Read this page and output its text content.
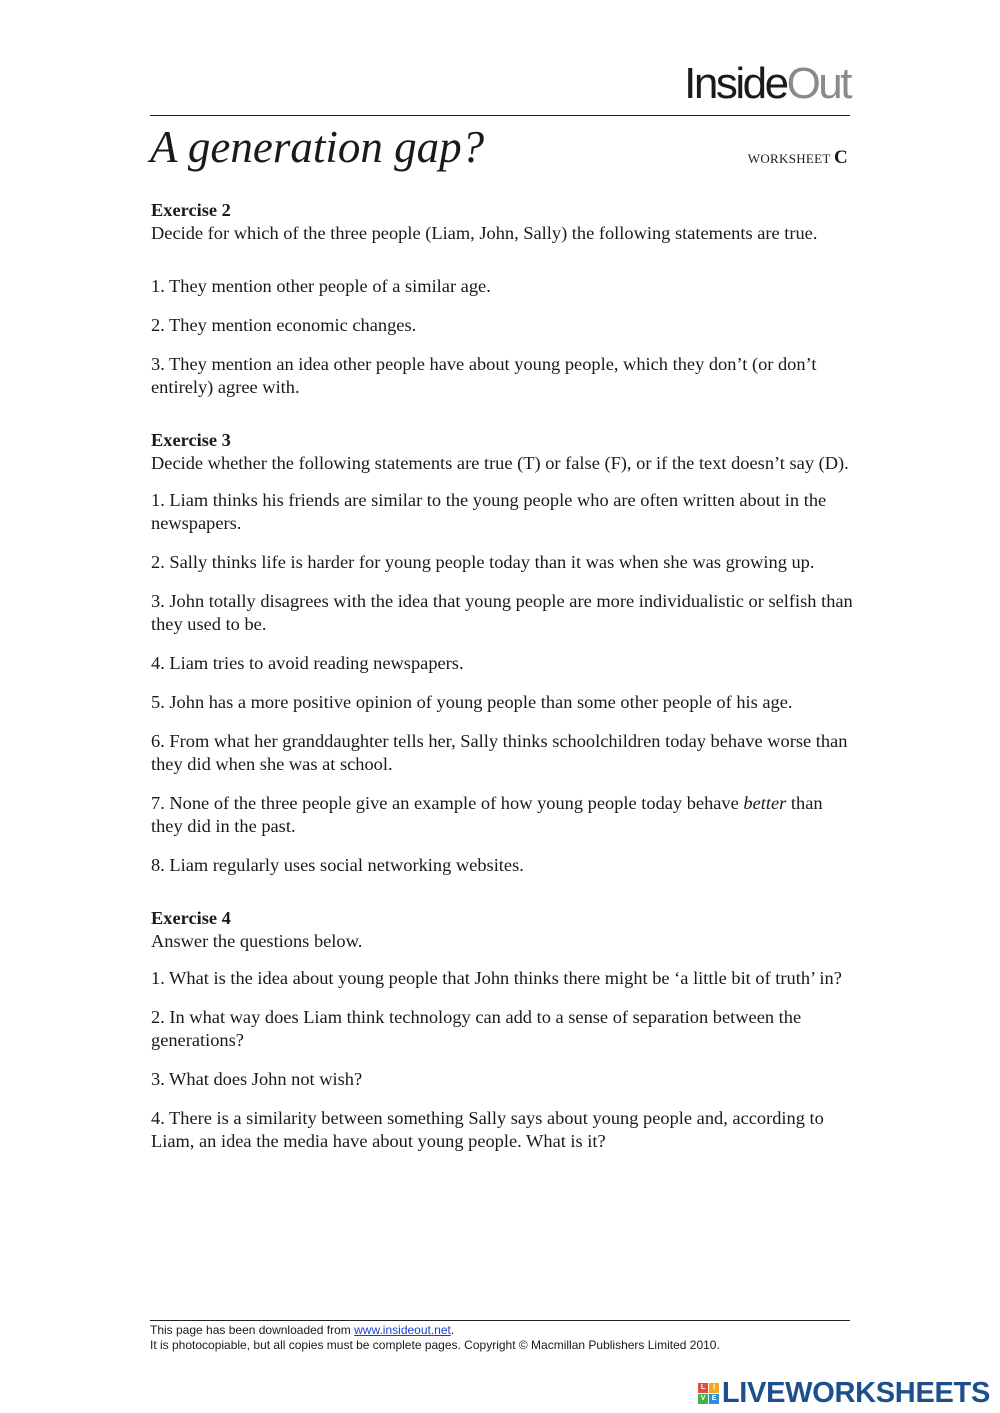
InsideOut
A generation gap?	WORKSHEET C
Exercise 2

Decide for which of the three people (Liam, John, Sally) the following statements are true.

1. They mention other people of a similar age.

2. They mention economic changes.

3. They mention an idea other people have about young people, which they don’t (or don’t entirely) agree with.

Exercise 3

Decide whether the following statements are true (T) or false (F), or if the text doesn’t say (D).

1. Liam thinks his friends are similar to the young people who are often written about in the newspapers.

2. Sally thinks life is harder for young people today than it was when she was growing up.

3. John totally disagrees with the idea that young people are more individualistic or selfish than they used to be.

4. Liam tries to avoid reading newspapers.

5. John has a more positive opinion of young people than some other people of his age.

6. From what her granddaughter tells her, Sally thinks schoolchildren today behave worse than they did when she was at school.

7. None of the three people give an example of how young people today behave better than they did in the past.

8. Liam regularly uses social networking websites.

Exercise 4

Answer the questions below.

1. What is the idea about young people that John thinks there might be ‘a little bit of truth’ in?

2. In what way does Liam think technology can add to a sense of separation between the generations?

3. What does John not wish?

4. There is a similarity between something Sally says about young people and, according to Liam, an idea the media have about young people. What is it?

This page has been downloaded from www.insideout.net.
It is photocopiable, but all copies must be complete pages. Copyright © Macmillan Publishers Limited 2010.
L	I
V E LIVEWORKSHEETS
